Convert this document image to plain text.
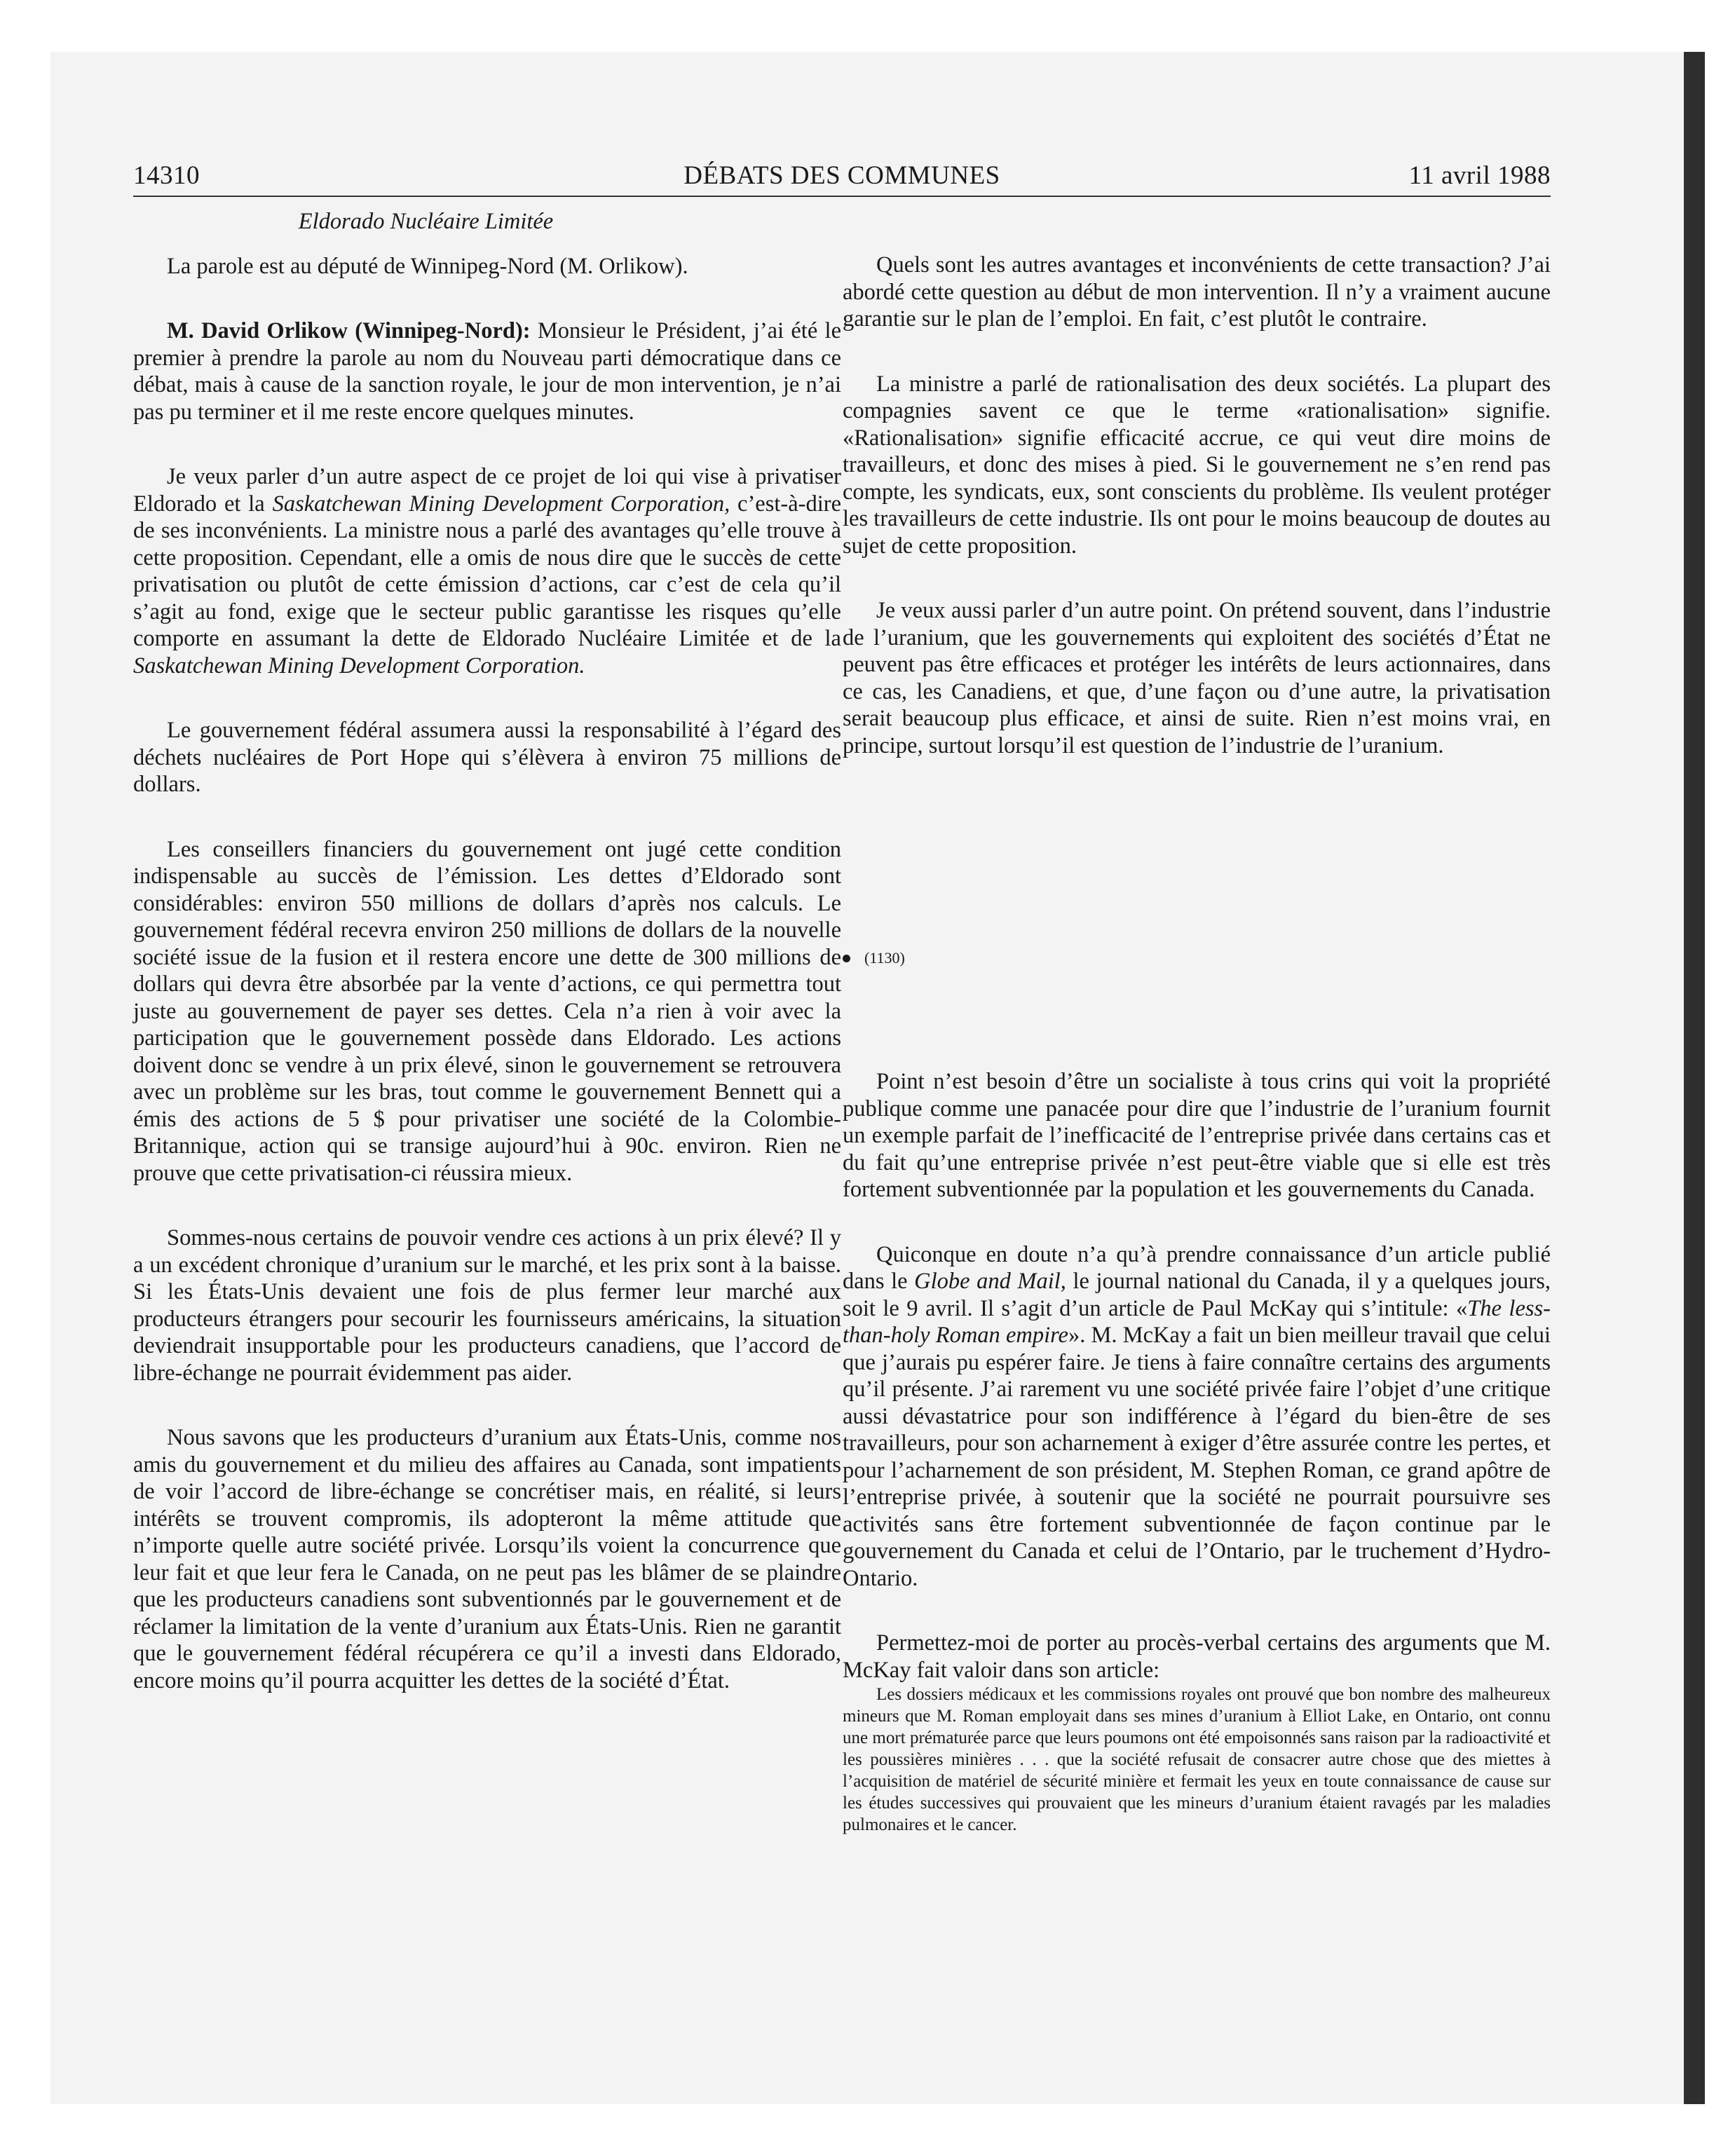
14310	DÉBATS DES COMMUNES	11 avril 1988

Eldorado Nucléaire Limitée

La parole est au député de Winnipeg-Nord (M. Orlikow).

M. David Orlikow (Winnipeg-Nord): Monsieur le Président, j’ai été le premier à prendre la parole au nom du Nouveau parti démocratique dans ce débat, mais à cause de la sanction royale, le jour de mon intervention, je n’ai pas pu terminer et il me reste encore quelques minutes.

Je veux parler d’un autre aspect de ce projet de loi qui vise à privatiser Eldorado et la Saskatchewan Mining Development Corporation, c’est-à-dire de ses inconvénients. La ministre nous a parlé des avantages qu’elle trouve à cette proposition. Cependant, elle a omis de nous dire que le succès de cette privatisation ou plutôt de cette émission d’actions, car c’est de cela qu’il s’agit au fond, exige que le secteur public garantisse les risques qu’elle comporte en assumant la dette de Eldorado Nucléaire Limitée et de la Saskatchewan Mining Development Corporation.

Le gouvernement fédéral assumera aussi la responsabilité à l’égard des déchets nucléaires de Port Hope qui s’élèvera à environ 75 millions de dollars.

Les conseillers financiers du gouvernement ont jugé cette condition indispensable au succès de l’émission. Les dettes d’Eldorado sont considérables: environ 550 millions de dollars d’après nos calculs. Le gouvernement fédéral recevra environ 250 millions de dollars de la nouvelle société issue de la fusion et il restera encore une dette de 300 millions de dollars qui devra être absorbée par la vente d’actions, ce qui permettra tout juste au gouvernement de payer ses dettes. Cela n’a rien à voir avec la participation que le gouvernement possède dans Eldorado. Les actions doivent donc se vendre à un prix élevé, sinon le gouvernement se retrouvera avec un problème sur les bras, tout comme le gouvernement Bennett qui a émis des actions de 5 $ pour privatiser une société de la Colombie-Britannique, action qui se transige aujourd’hui à 90c. environ. Rien ne prouve que cette privatisation-ci réussira mieux.

Sommes-nous certains de pouvoir vendre ces actions à un prix élevé? Il y a un excédent chronique d’uranium sur le marché, et les prix sont à la baisse. Si les États-Unis devaient une fois de plus fermer leur marché aux producteurs étrangers pour secourir les fournisseurs américains, la situation deviendrait insupportable pour les producteurs canadiens, que l’accord de libre-échange ne pourrait évidemment pas aider.

Nous savons que les producteurs d’uranium aux États-Unis, comme nos amis du gouvernement et du milieu des affaires au Canada, sont impatients de voir l’accord de libre-échange se concrétiser mais, en réalité, si leurs intérêts se trouvent compromis, ils adopteront la même attitude que n’importe quelle autre société privée. Lorsqu’ils voient la concurrence que leur fait et que leur fera le Canada, on ne peut pas les blâmer de se plaindre que les producteurs canadiens sont subventionnés par le gouvernement et de réclamer la limitation de la vente d’uranium aux États-Unis. Rien ne garantit que le gouvernement fédéral récupérera ce qu’il a investi dans Eldorado, encore moins qu’il pourra acquitter les dettes de la société d’État.

Quels sont les autres avantages et inconvénients de cette transaction? J’ai abordé cette question au début de mon intervention. Il n’y a vraiment aucune garantie sur le plan de l’emploi. En fait, c’est plutôt le contraire.

La ministre a parlé de rationalisation des deux sociétés. La plupart des compagnies savent ce que le terme «rationalisation» signifie. «Rationalisation» signifie efficacité accrue, ce qui veut dire moins de travailleurs, et donc des mises à pied. Si le gouvernement ne s’en rend pas compte, les syndicats, eux, sont conscients du problème. Ils veulent protéger les travailleurs de cette industrie. Ils ont pour le moins beaucoup de doutes au sujet de cette proposition.

Je veux aussi parler d’un autre point. On prétend souvent, dans l’industrie de l’uranium, que les gouvernements qui exploitent des sociétés d’État ne peuvent pas être efficaces et protéger les intérêts de leurs actionnaires, dans ce cas, les Canadiens, et que, d’une façon ou d’une autre, la privatisation serait beaucoup plus efficace, et ainsi de suite. Rien n’est moins vrai, en principe, surtout lorsqu’il est question de l’industrie de l’uranium.

(1130)

Point n’est besoin d’être un socialiste à tous crins qui voit la propriété publique comme une panacée pour dire que l’industrie de l’uranium fournit un exemple parfait de l’inefficacité de l’entreprise privée dans certains cas et du fait qu’une entreprise privée n’est peut-être viable que si elle est très fortement subventionnée par la population et les gouvernements du Canada.

Quiconque en doute n’a qu’à prendre connaissance d’un article publié dans le Globe and Mail, le journal national du Canada, il y a quelques jours, soit le 9 avril. Il s’agit d’un article de Paul McKay qui s’intitule: «The less-than-holy Roman empire». M. McKay a fait un bien meilleur travail que celui que j’aurais pu espérer faire. Je tiens à faire connaître certains des arguments qu’il présente. J’ai rarement vu une société privée faire l’objet d’une critique aussi dévastatrice pour son indifférence à l’égard du bien-être de ses travailleurs, pour son acharnement à exiger d’être assurée contre les pertes, et pour l’acharnement de son président, M. Stephen Roman, ce grand apôtre de l’entreprise privée, à soutenir que la société ne pourrait poursuivre ses activités sans être fortement subventionnée de façon continue par le gouvernement du Canada et celui de l’Ontario, par le truchement d’Hydro-Ontario.

Permettez-moi de porter au procès-verbal certains des arguments que M. McKay fait valoir dans son article:

Les dossiers médicaux et les commissions royales ont prouvé que bon nombre des malheureux mineurs que M. Roman employait dans ses mines d’uranium à Elliot Lake, en Ontario, ont connu une mort prématurée parce que leurs poumons ont été empoisonnés sans raison par la radioactivité et les poussières minières . . . que la société refusait de consacrer autre chose que des miettes à l’acquisition de matériel de sécurité minière et fermait les yeux en toute connaissance de cause sur les études successives qui prouvaient que les mineurs d’uranium étaient ravagés par les maladies pulmonaires et le cancer.
